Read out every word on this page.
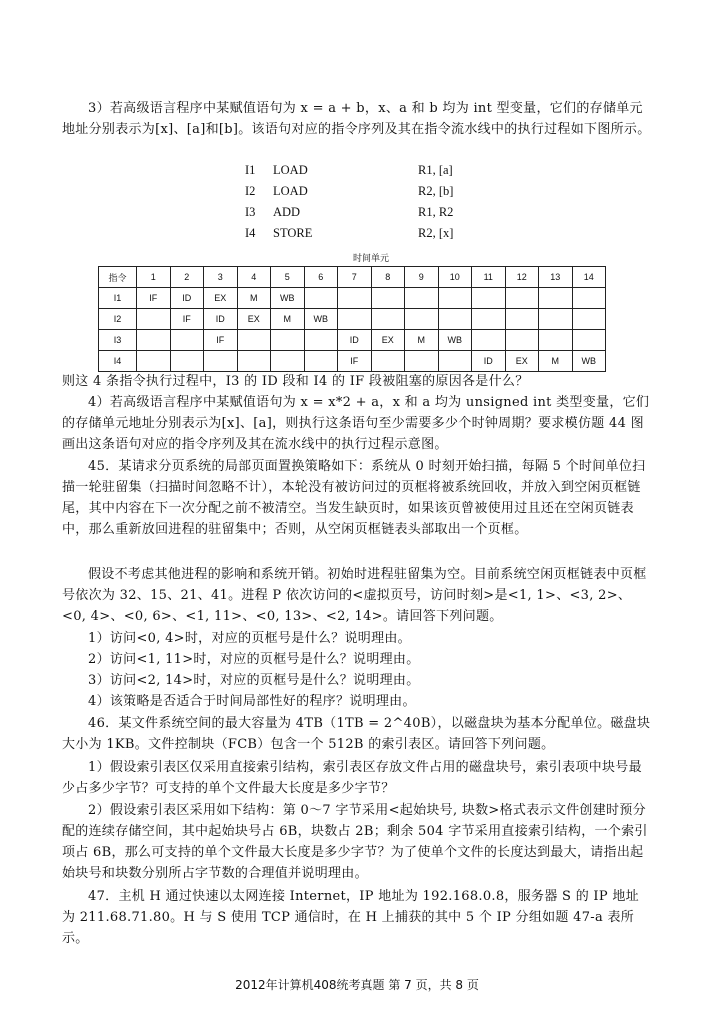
3）若高级语言程序中某赋值语句为 x = a + b，x、a 和 b 均为 int 型变量，它们的存储单元地址分别表示为[x]、[a]和[b]。该语句对应的指令序列及其在指令流水线中的执行过程如下图所示。

I1 LOAD	R1, [a]
I2 LOAD	R2, [b]
I3 ADD	R1, R2
I4 STORE	R2, [x]
	时间单元													
指令	1	2	3	4	5	6	7	8	9	10	11	12	13	14
I1	IF	ID	EX	M	WB									
I2		IF	ID	EX	M	WB								
I3			IF				ID	EX	M	WB				
I4							IF				ID	EX	M	WB

则这 4 条指令执行过程中，I3 的 ID 段和 I4 的 IF 段被阻塞的原因各是什么？

4）若高级语言程序中某赋值语句为 x = x*2 + a，x 和 a 均为 unsigned int 类型变量，它们的存储单元地址分别表示为[x]、[a]，则执行这条语句至少需要多少个时钟周期？要求模仿题 44 图画出这条语句对应的指令序列及其在流水线中的执行过程示意图。

45．某请求分页系统的局部页面置换策略如下：系统从 0 时刻开始扫描，每隔 5 个时间单位扫描一轮驻留集（扫描时间忽略不计），本轮没有被访问过的页框将被系统回收，并放入到空闲页框链尾，其中内容在下一次分配之前不被清空。当发生缺页时，如果该页曾被使用过且还在空闲页链表中，那么重新放回进程的驻留集中；否则，从空闲页框链表头部取出一个页框。

假设不考虑其他进程的影响和系统开销。初始时进程驻留集为空。目前系统空闲页框链表中页框号依次为 32、15、21、41。进程 P 依次访问的<虚拟页号，访问时刻>是<1, 1>、<3, 2>、<0, 4>、<0, 6>、<1, 11>、<0, 13>、<2, 14>。请回答下列问题。

1）访问<0, 4>时，对应的页框号是什么？说明理由。

2）访问<1, 11>时，对应的页框号是什么？说明理由。

3）访问<2, 14>时，对应的页框号是什么？说明理由。

4）该策略是否适合于时间局部性好的程序？说明理由。

46．某文件系统空间的最大容量为 4TB（1TB = 2^40B），以磁盘块为基本分配单位。磁盘块大小为 1KB。文件控制块（FCB）包含一个 512B 的索引表区。请回答下列问题。

1）假设索引表区仅采用直接索引结构，索引表区存放文件占用的磁盘块号，索引表项中块号最少占多少字节？可支持的单个文件最大长度是多少字节？

2）假设索引表区采用如下结构：第 0～7 字节采用<起始块号, 块数>格式表示文件创建时预分配的连续存储空间，其中起始块号占 6B，块数占 2B；剩余 504 字节采用直接索引结构，一个索引项占 6B，那么可支持的单个文件最大长度是多少字节？为了使单个文件的长度达到最大，请指出起始块号和块数分别所占字节数的合理值并说明理由。

47．主机 H 通过快速以太网连接 Internet，IP 地址为 192.168.0.8，服务器 S 的 IP 地址为 211.68.71.80。H 与 S 使用 TCP 通信时，在 H 上捕获的其中 5 个 IP 分组如题 47-a 表所示。

2012年计算机408统考真题 第 7 页，共 8 页
